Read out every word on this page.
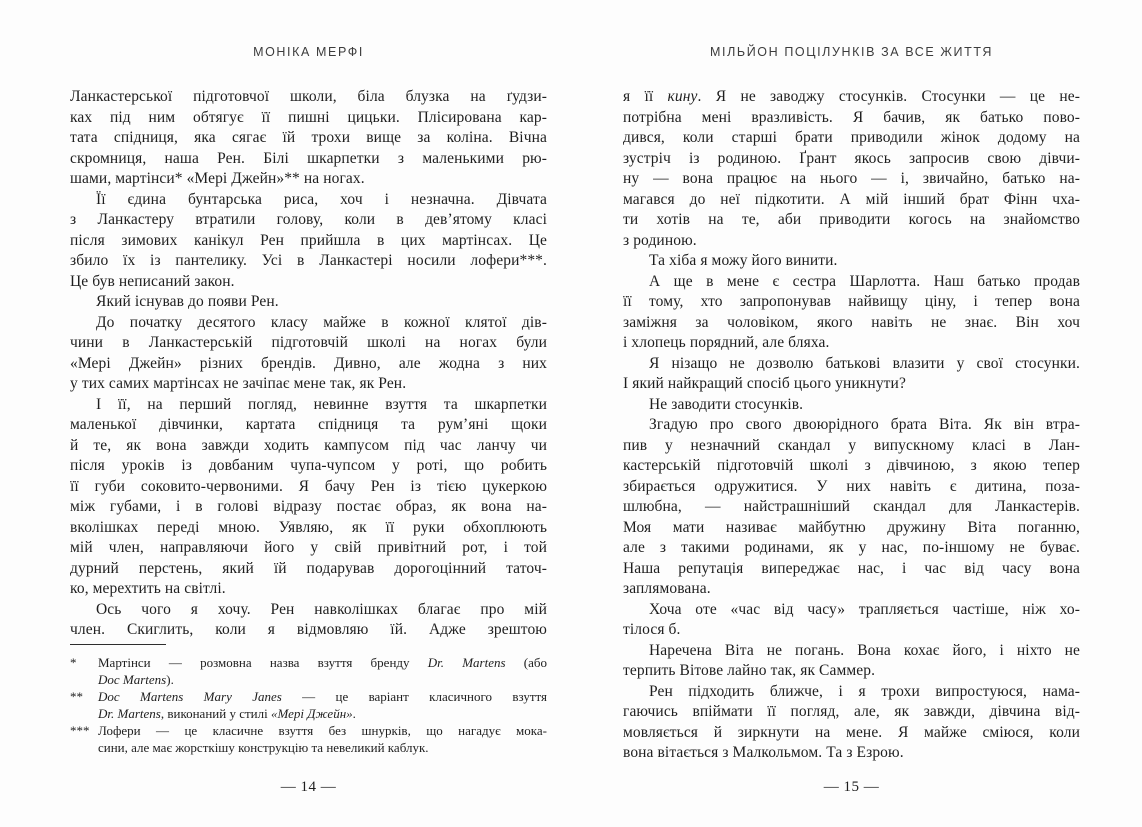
МОНІКА МЕРФІ
Ланкастерської підготовчої школи, біла блузка на ґудзи-
ках під ним обтягує її пишні цицьки. Плісирована кар-
тата спідниця, яка сягає їй трохи вище за коліна. Вічна
скромниця, наша Рен. Білі шкарпетки з маленькими рю-
шами, мартінси* «Мері Джейн»** на ногах.
Її єдина бунтарська риса, хоч і незначна. Дівчата
з Ланкастеру втратили голову, коли в дев’ятому класі
після зимових канікул Рен прийшла в цих мартінсах. Це
збило їх із пантелику. Усі в Ланкастері носили лофери***.
Це був неписаний закон.
Який існував до появи Рен.
До початку десятого класу майже в кожної клятої дів-
чини в Ланкастерській підготовчій школі на ногах були
«Мері Джейн» різних брендів. Дивно, але жодна з них
у тих самих мартінсах не зачіпає мене так, як Рен.
І її, на перший погляд, невинне взуття та шкарпетки
маленької дівчинки, картата спідниця та рум’яні щоки
й те, як вона завжди ходить кампусом під час ланчу чи
після уроків із довбаним чупа-чупсом у роті, що робить
її губи соковито-червоними. Я бачу Рен із тією цукеркою
між губами, і в голові відразу постає образ, як вона на-
вколішках переді мною. Уявляю, як її руки обхоплюють
мій член, направляючи його у свій привітний рот, і той
дурний перстень, який їй подарував дорогоцінний таточ-
ко, мерехтить на світлі.
Ось чого я хочу. Рен навколішках благає про мій
член. Скиглить, коли я відмовляю їй. Адже зрештою
* Мартінси — розмовна назва взуття бренду Dr. Martens (або
Doc Martens).
** Doc Martens Mary Janes — це варіант класичного взуття
Dr. Martens, виконаний у стилі «Мері Джейн».
*** Лофери — це класичне взуття без шнурків, що нагадує мока-
сини, але має жорсткішу конструкцію та невеликий каблук.
— 14 —
МІЛЬЙОН ПОЦІЛУНКІВ ЗА ВСЕ ЖИТТЯ
я її кину. Я не заводжу стосунків. Стосунки — це не-
потрібна мені вразливість. Я бачив, як батько пово-
дився, коли старші брати приводили жінок додому на
зустріч із родиною. Ґрант якось запросив свою дівчи-
ну — вона працює на нього — і, звичайно, батько на-
магався до неї підкотити. А мій інший брат Фінн чха-
ти хотів на те, аби приводити когось на знайомство
з родиною.
Та хіба я можу його винити.
А ще в мене є сестра Шарлотта. Наш батько продав
її тому, хто запропонував найвищу ціну, і тепер вона
заміжня за чоловіком, якого навіть не знає. Він хоч
і хлопець порядний, але бляха.
Я нізащо не дозволю батькові влазити у свої стосунки.
І який найкращий спосіб цього уникнути?
Не заводити стосунків.
Згадую про свого двоюрідного брата Віта. Як він втра-
пив у незначний скандал у випускному класі в Лан-
кастерській підготовчій школі з дівчиною, з якою тепер
збирається одружитися. У них навіть є дитина, поза-
шлюбна, — найстрашніший скандал для Ланкастерів.
Моя мати називає майбутню дружину Віта поганню,
але з такими родинами, як у нас, по-іншому не буває.
Наша репутація випереджає нас, і час від часу вона
заплямована.
Хоча оте «час від часу» трапляється частіше, ніж хо-
тілося б.
Наречена Віта не погань. Вона кохає його, і ніхто не
терпить Вітове лайно так, як Саммер.
Рен підходить ближче, і я трохи випростуюся, нама-
гаючись впіймати її погляд, але, як завжди, дівчина від-
мовляється й зиркнути на мене. Я майже сміюся, коли
вона вітається з Малкольмом. Та з Езрою.
— 15 —
